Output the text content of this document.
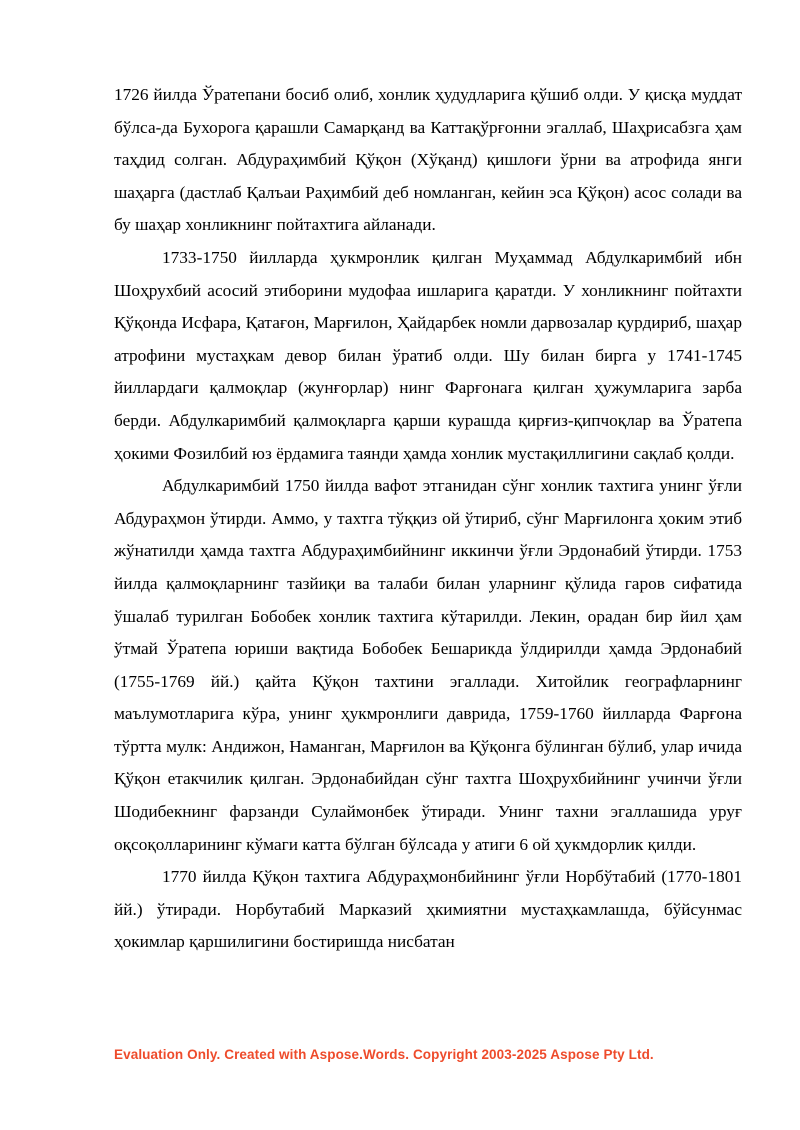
1726 йилда Ўратепани босиб олиб, хонлик ҳудудларига қўшиб олди. У қисқа муддат бўлса-да Бухорога қарашли Самарқанд ва Каттақўрғонни эгаллаб, Шаҳрисабзга ҳам таҳдид солган. Абдураҳимбий Қўқон (Хўқанд) қишлоғи ўрни ва атрофида янги шаҳарга (дастлаб Қалъаи Раҳимбий деб номланган, кейин эса Қўқон) асос солади ва бу шаҳар хонликнинг пойтахтига айланади.

1733-1750 йилларда ҳукмронлик қилган Муҳаммад Абдулкаримбий ибн Шоҳрухбий асосий этиборини мудофаа ишларига қаратди. У хонликнинг пойтахти Қўқонда Исфара, Қатағон, Марғилон, Ҳайдарбек номли дарвозалар қурдириб, шаҳар атрофини мустаҳкам девор билан ўратиб олди. Шу билан бирга у 1741-1745 йиллардаги қалмоқлар (жунғорлар) нинг Фарғонага қилган ҳужумларига зарба берди. Абдулкаримбий қалмоқларга қарши курашда қирғиз-қипчоқлар ва Ўратепа ҳокими Фозилбий юз ёрдамига таянди ҳамда хонлик мустақиллигини сақлаб қолди.

Абдулкаримбий 1750 йилда вафот этганидан сўнг хонлик тахтига унинг ўғли Абдураҳмон ўтирди. Аммо, у тахтга тўққиз ой ўтириб, сўнг Марғилонга ҳоким этиб жўнатилди ҳамда тахтга Абдураҳимбийнинг иккинчи ўғли Эрдонабий ўтирди. 1753 йилда қалмоқларнинг тазйиқи ва талаби билан уларнинг қўлида гаров сифатида ўшалаб турилган Бобобек хонлик тахтига кўтарилди. Лекин, орадан бир йил ҳам ўтмай Ўратепа юриши вақтида Бобобек Бешарикда ўлдирилди ҳамда Эрдонабий (1755-1769 йй.) қайта Қўқон тахтини эгаллади. Хитойлик географларнинг маълумотларига кўра, унинг ҳукмронлиги даврида, 1759-1760 йилларда Фарғона тўртта мулк: Андижон, Наманган, Марғилон ва Қўқонга бўлинган бўлиб, улар ичида Қўқон етакчилик қилган. Эрдонабийдан сўнг тахтга Шоҳрухбийнинг учинчи ўғли Шодибекнинг фарзанди Сулаймонбек ўтиради. Унинг тахни эгаллашида уруғ оқсоқолларининг кўмаги катта бўлган бўлсада у атиги 6 ой ҳукмдорлик қилди.

1770 йилда Қўқон тахтига Абдураҳмонбийнинг ўғли Норбўтабий (1770-1801 йй.) ўтиради. Норбутабий Марказий ҳкимиятни мустаҳкамлашда, бўйсунмас ҳокимлар қаршилигини бостиришда нисбатан

Evaluation Only. Created with Aspose.Words. Copyright 2003-2025 Aspose Pty Ltd.
